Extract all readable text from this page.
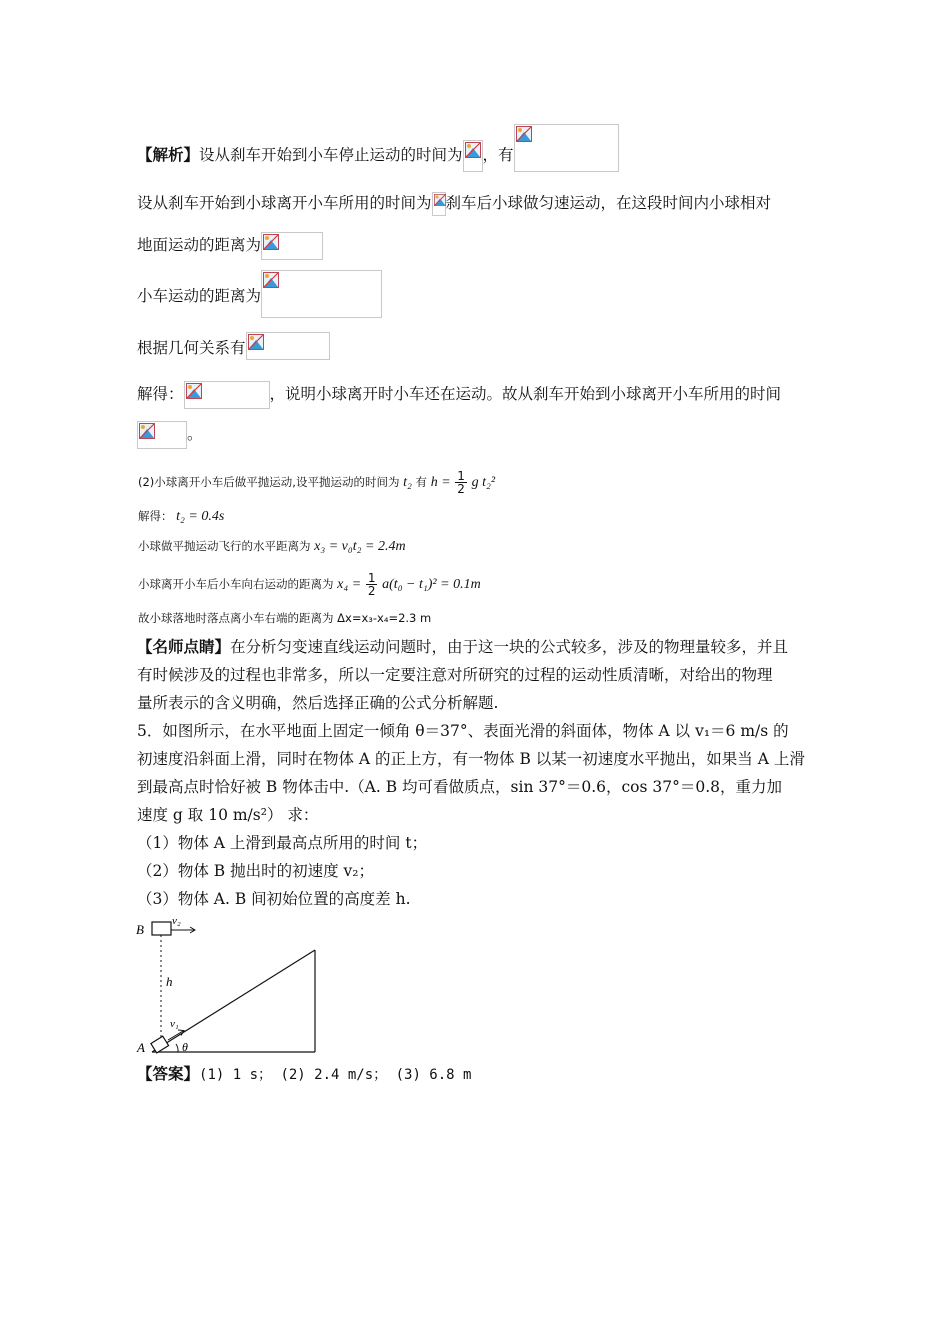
【解析】设从刹车开始到小车停止运动的时间为 ，有
设从刹车开始到小球离开小车所用的时间为 刹车后小球做匀速运动，在这段时间内小球相对
地面运动的距离为
小车运动的距离为
根据几何关系有
解得：	，说明小球离开时小车还在运动。故从刹车开始到小球离开小车所用的时间
。
(2)小球离开小车后做平抛运动,设平抛运动的时间为 t₂ 有 $h = \frac{1}{2}$ g t₂²
解得： t₂ = 0.4s
小球做平抛运动飞行的水平距离为 x₃ = v₀t₂ = 2.4m
小球离开小车后小车向右运动的距离为 $x_4 = \frac{1}{2} a(t_0 - t_1)^2 = 0.1m$
故小球落地时落点离小车右端的距离为 Δx=x₃-x₄=2.3 m
【名师点睛】在分析匀变速直线运动问题时，由于这一块的公式较多，涉及的物理量较多，并且
有时候涉及的过程也非常多，所以一定要注意对所研究的过程的运动性质清晰，对给出的物理
量所表示的含义明确，然后选择正确的公式分析解题.
5．如图所示，在水平地面上固定一倾角 θ＝37°、表面光滑的斜面体，物体 A 以 v₁＝6 m/s 的
初速度沿斜面上滑，同时在物体 A 的正上方，有一物体 B 以某一初速度水平抛出，如果当 A 上滑
到最高点时恰好被 B 物体击中.（A. B 均可看做质点，sin 37°＝0.6，cos 37°＝0.8，重力加
速度 g 取 10 m/s²） 求：
（1）物体 A 上滑到最高点所用的时间 t；
（2）物体 B 抛出时的初速度 v₂；
（3）物体 A. B 间初始位置的高度差 h.
B
v₂
h
v₁
A	θ
【答案】(1) 1 s； (2) 2.4 m/s； (3) 6.8 m
